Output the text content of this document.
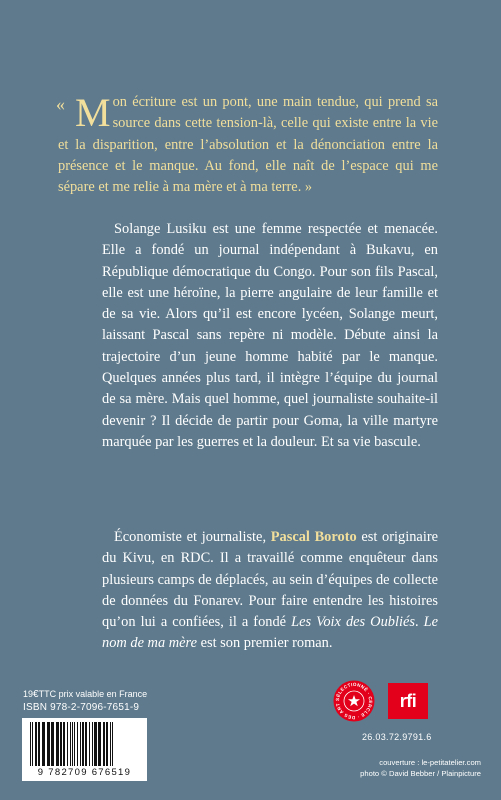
« M on écriture est un pont, une main tendue, qui prend sa source dans cette tension-là, celle qui existe entre la vie et la disparition, entre l’absolution et la dénonciation entre la présence et le manque. Au fond, elle naît de l’espace qui me sépare et me relie à ma mère et à ma terre. »

Solange Lusiku est une femme respectée et menacée. Elle a fondé un journal indépendant à Bukavu, en République démocratique du Congo. Pour son fils Pascal, elle est une héroïne, la pierre angulaire de leur famille et de sa vie. Alors qu’il est encore lycéen, Solange meurt, laissant Pascal sans repère ni modèle. Débute ainsi la trajectoire d’un jeune homme habité par le manque. Quelques années plus tard, il intègre l’équipe du journal de sa mère. Mais quel homme, quel journaliste souhaite-il devenir ? Il décide de partir pour Goma, la ville martyre marquée par les guerres et la douleur. Et sa vie bascule.

Économiste et journaliste, Pascal Boroto est originaire du Kivu, en RDC. Il a travaillé comme enquêteur dans plusieurs camps de déplacés, au sein d’équipes de collecte de données du Fonarev. Pour faire entendre les histoires qu’on lui a confiées, il a fondé Les Voix des Oubliés. Le nom de ma mère est son premier roman.

19€TTC prix valable en France
ISBN 978-2-7096-7651-9
9 782709 676519
SÉLECTIONNÉ · CERCLE · DES ART	rfi
26.03.72.9791.6
couverture : le-petitatelier.com
photo © David Bebber / Plainpicture
